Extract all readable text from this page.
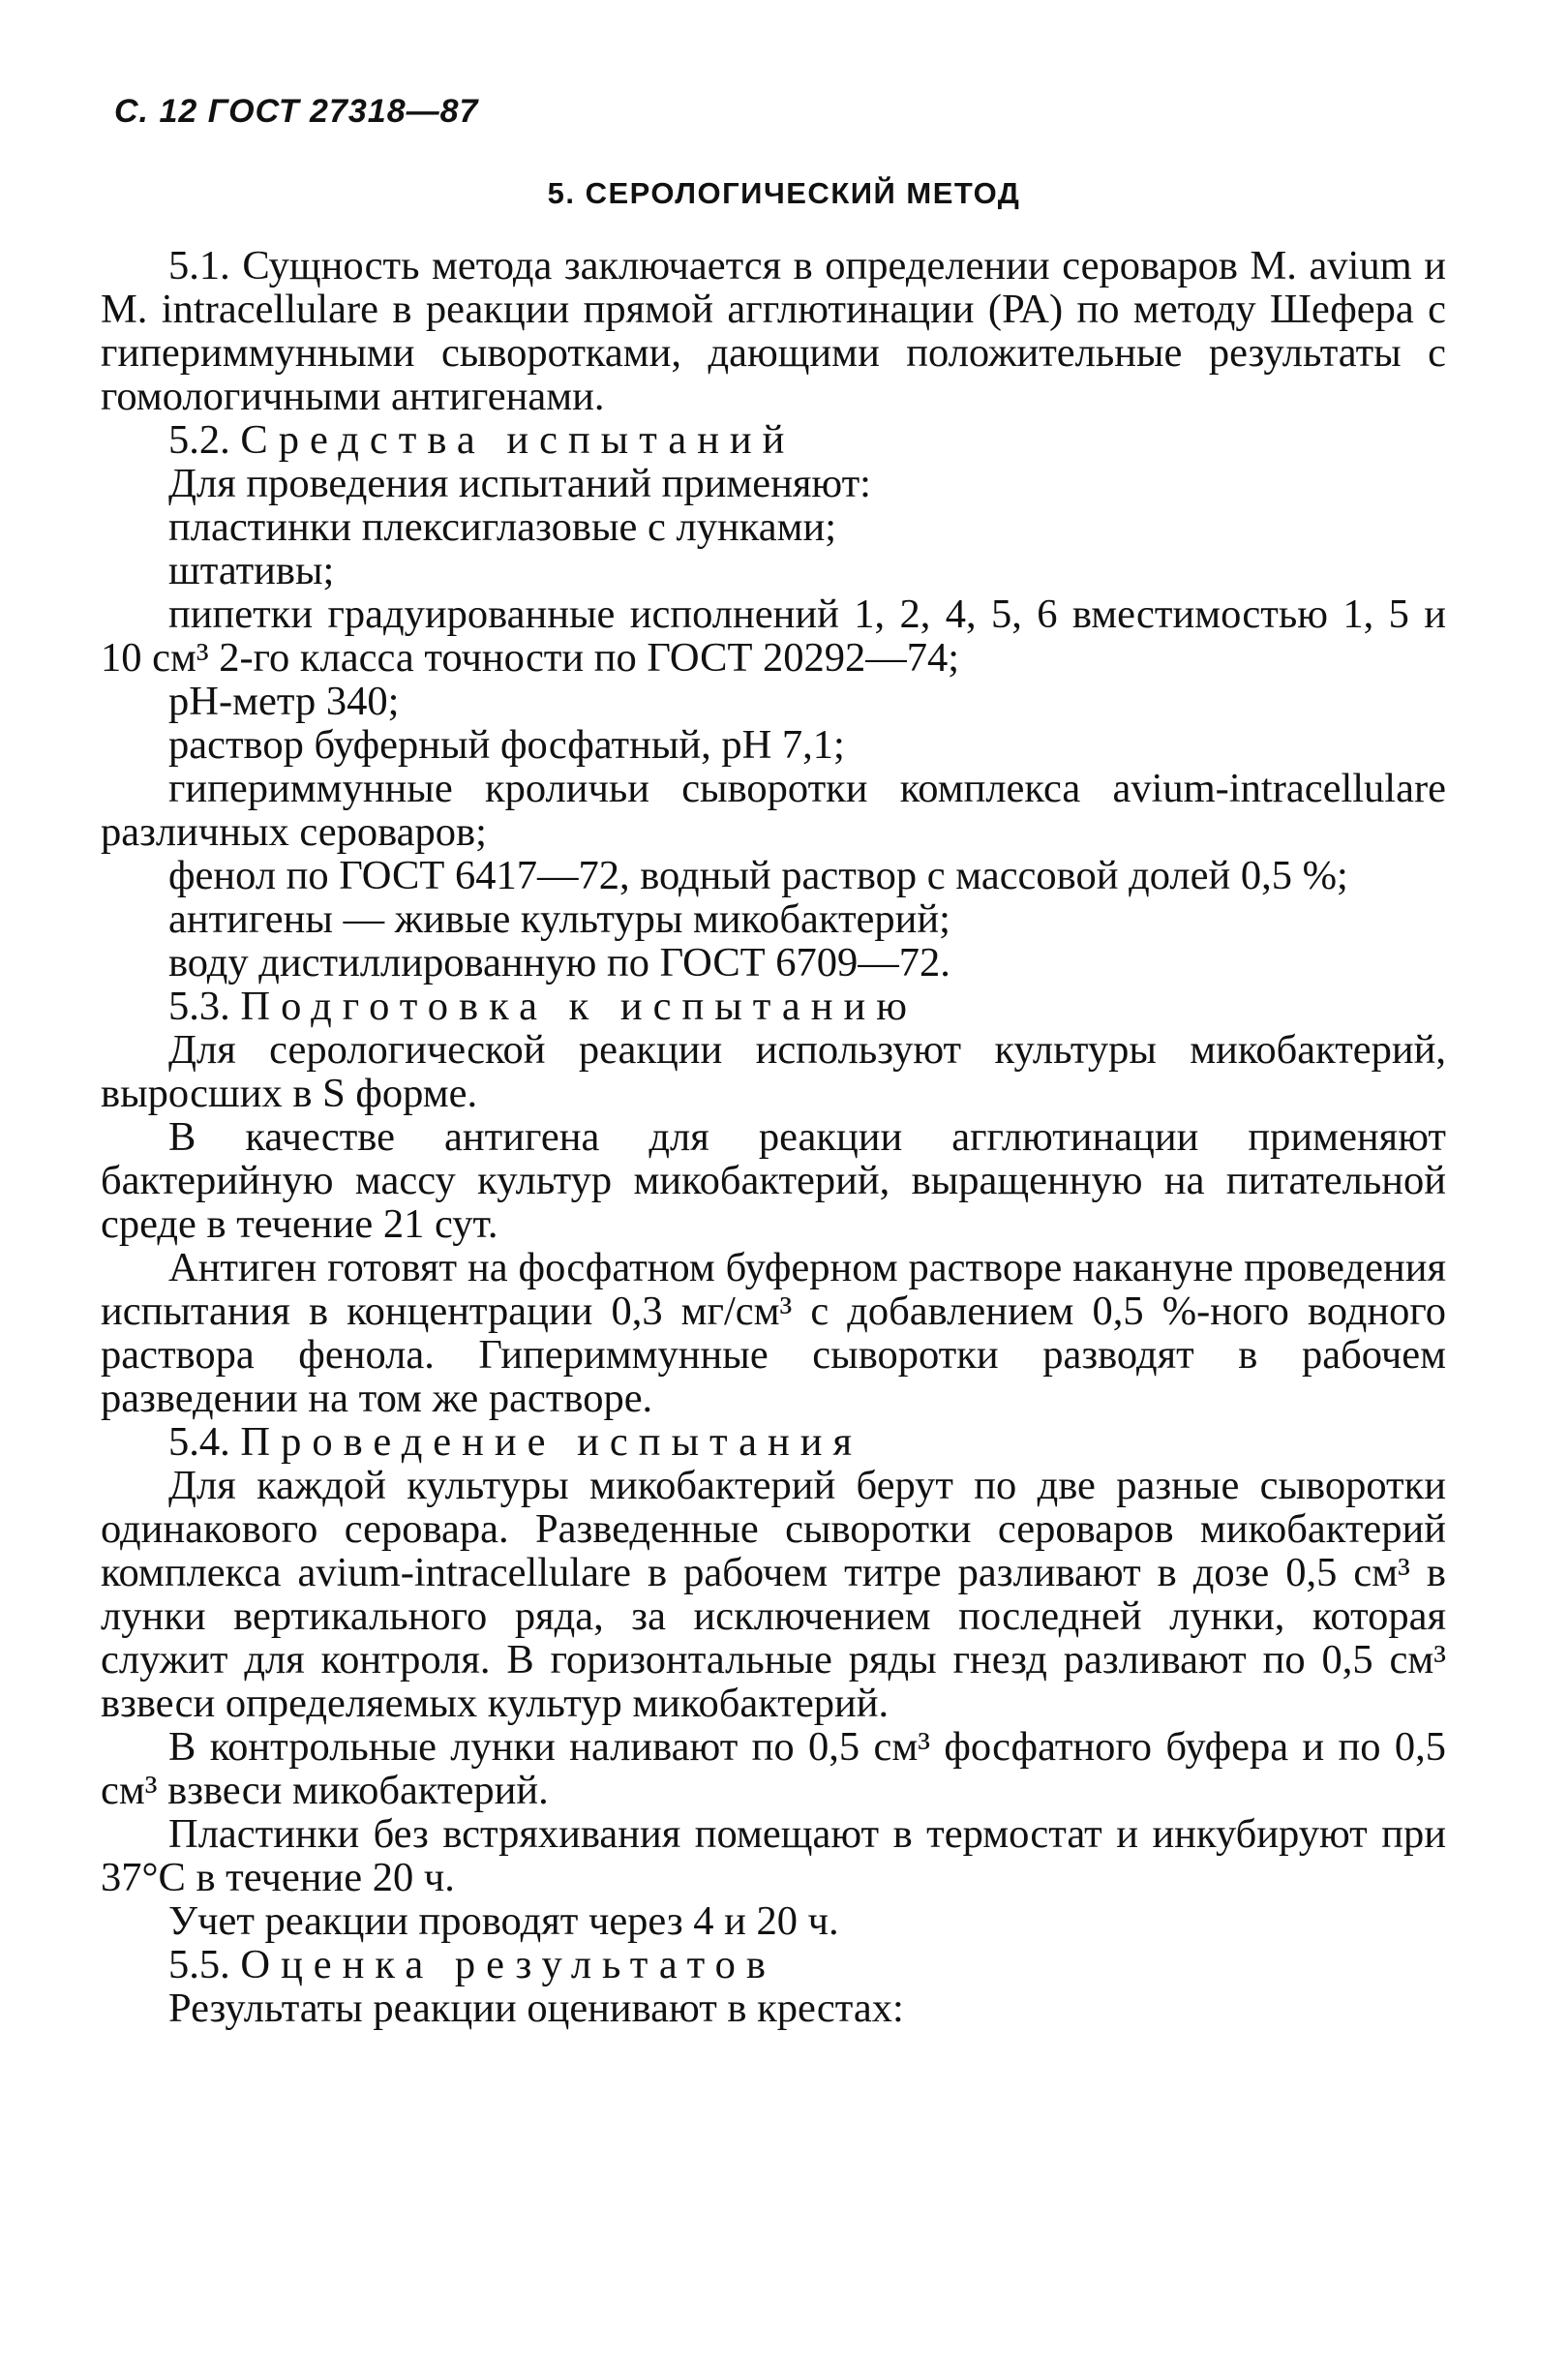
С. 12 ГОСТ 27318—87
5. СЕРОЛОГИЧЕСКИЙ МЕТОД

5.1. Сущность метода заключается в определении сероваров M. avium и M. intracellulare в реакции прямой агглютинации (РА) по методу Шефера с гипериммунными сыворотками, дающими положительные результаты с гомологичными антигенами.

5.2. Средства испытаний

Для проведения испытаний применяют:

пластинки плексиглазовые с лунками;

штативы;

пипетки градуированные исполнений 1, 2, 4, 5, 6 вместимостью 1, 5 и 10 см³ 2-го класса точности по ГОСТ 20292—74;

рН-метр 340;

раствор буферный фосфатный, рН 7,1;

гипериммунные кроличьи сыворотки комплекса avium-intracellulare различных сероваров;

фенол по ГОСТ 6417—72, водный раствор с массовой долей 0,5 %;

антигены — живые культуры микобактерий;

воду дистиллированную по ГОСТ 6709—72.

5.3. Подготовка к испытанию

Для серологической реакции используют культуры микобактерий, выросших в S форме.

В качестве антигена для реакции агглютинации применяют бактерийную массу культур микобактерий, выращенную на питательной среде в течение 21 сут.

Антиген готовят на фосфатном буферном растворе накануне проведения испытания в концентрации 0,3 мг/см³ с добавлением 0,5 %-ного водного раствора фенола. Гипериммунные сыворотки разводят в рабочем разведении на том же растворе.

5.4. Проведение испытания

Для каждой культуры микобактерий берут по две разные сыворотки одинакового серовара. Разведенные сыворотки сероваров микобактерий комплекса avium-intracellulare в рабочем титре разливают в дозе 0,5 см³ в лунки вертикального ряда, за исключением последней лунки, которая служит для контроля. В горизонтальные ряды гнезд разливают по 0,5 см³ взвеси определяемых культур микобактерий.

В контрольные лунки наливают по 0,5 см³ фосфатного буфера и по 0,5 см³ взвеси микобактерий.

Пластинки без встряхивания помещают в термостат и инкубируют при 37°С в течение 20 ч.

Учет реакции проводят через 4 и 20 ч.

5.5. Оценка результатов

Результаты реакции оценивают в крестах:
